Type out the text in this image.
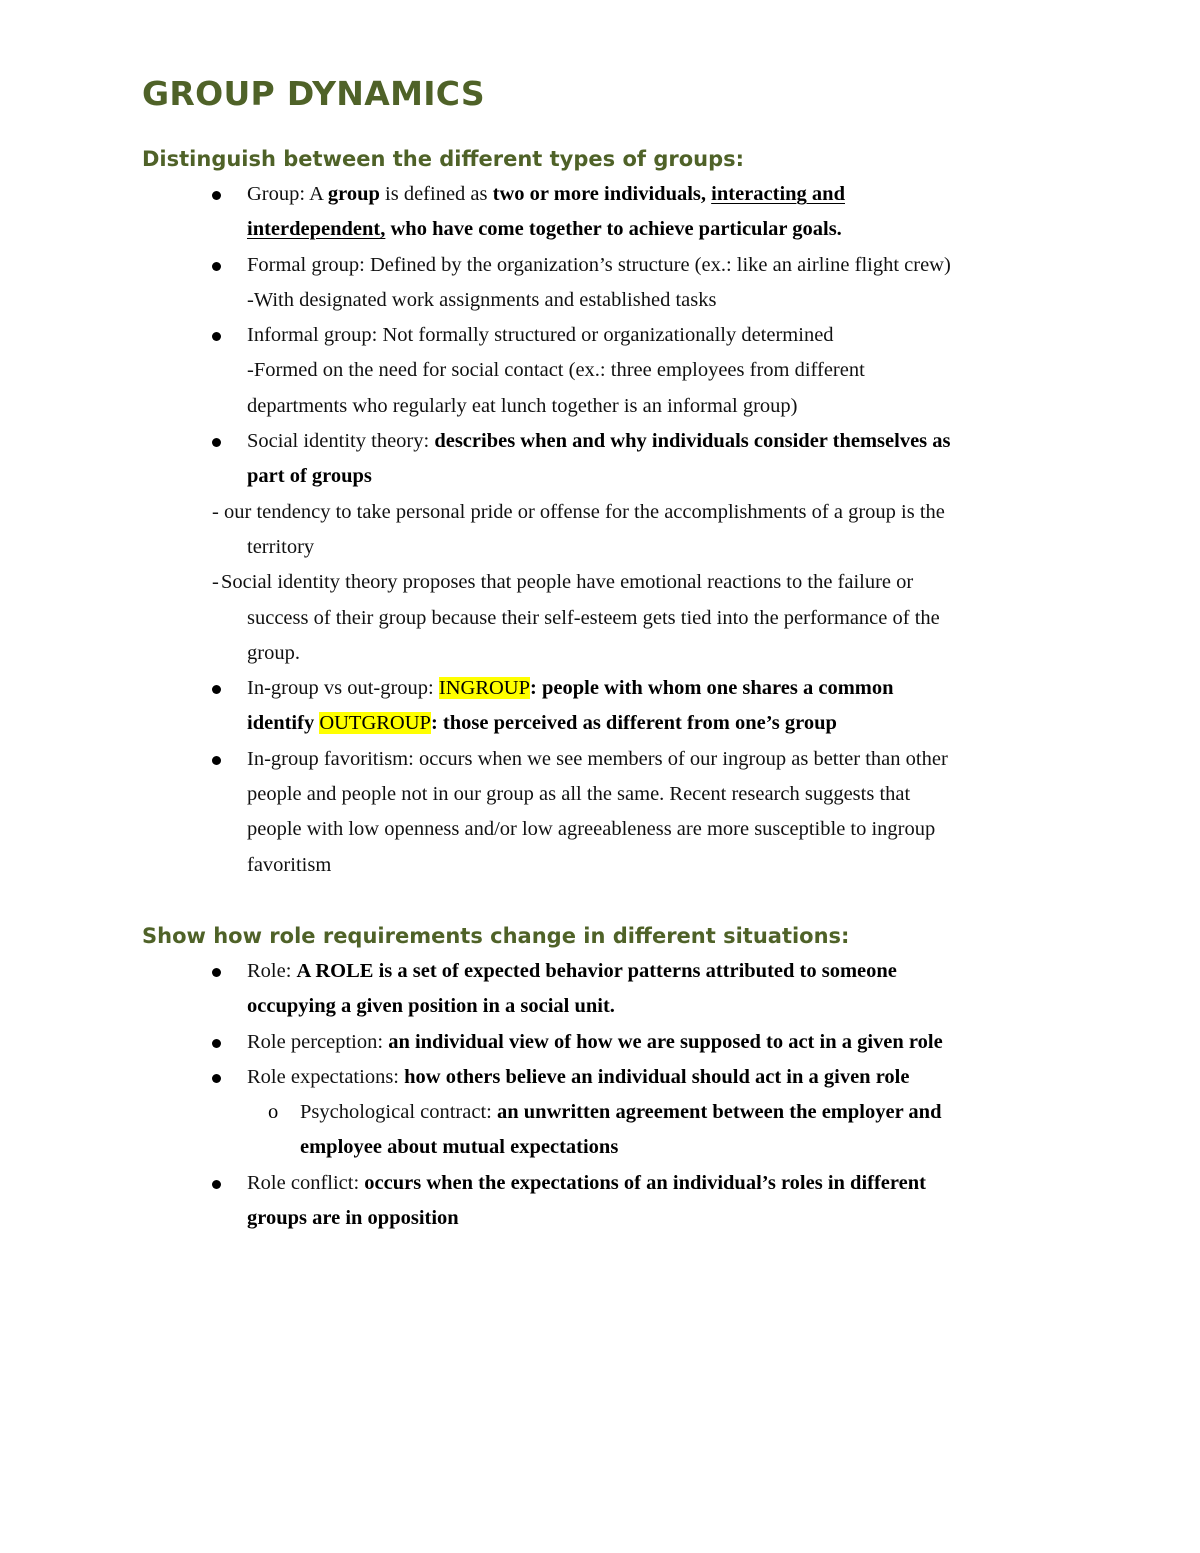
GROUP DYNAMICS
Distinguish between the different types of groups:
Group: A group is defined as two or more individuals, interacting and
interdependent, who have come together to achieve particular goals.
Formal group: Defined by the organization’s structure (ex.: like an airline flight crew)
-With designated work assignments and established tasks
Informal group: Not formally structured or organizationally determined
-Formed on the need for social contact (ex.: three employees from different
departments who regularly eat lunch together is an informal group)
Social identity theory: describes when and why individuals consider themselves as
part of groups
- our tendency to take personal pride or offense for the accomplishments of a group is the
territory
- Social identity theory proposes that people have emotional reactions to the failure or
success of their group because their self-esteem gets tied into the performance of the
group.
In-group vs out-group: INGROUP: people with whom one shares a common
identify OUTGROUP: those perceived as different from one’s group
In-group favoritism: occurs when we see members of our ingroup as better than other
people and people not in our group as all the same. Recent research suggests that
people with low openness and/or low agreeableness are more susceptible to ingroup
favoritism
Show how role requirements change in different situations:
Role: A ROLE is a set of expected behavior patterns attributed to someone
occupying a given position in a social unit.
Role perception: an individual view of how we are supposed to act in a given role
Role expectations: how others believe an individual should act in a given role
o Psychological contract: an unwritten agreement between the employer and
employee about mutual expectations
Role conflict: occurs when the expectations of an individual’s roles in different
groups are in opposition
